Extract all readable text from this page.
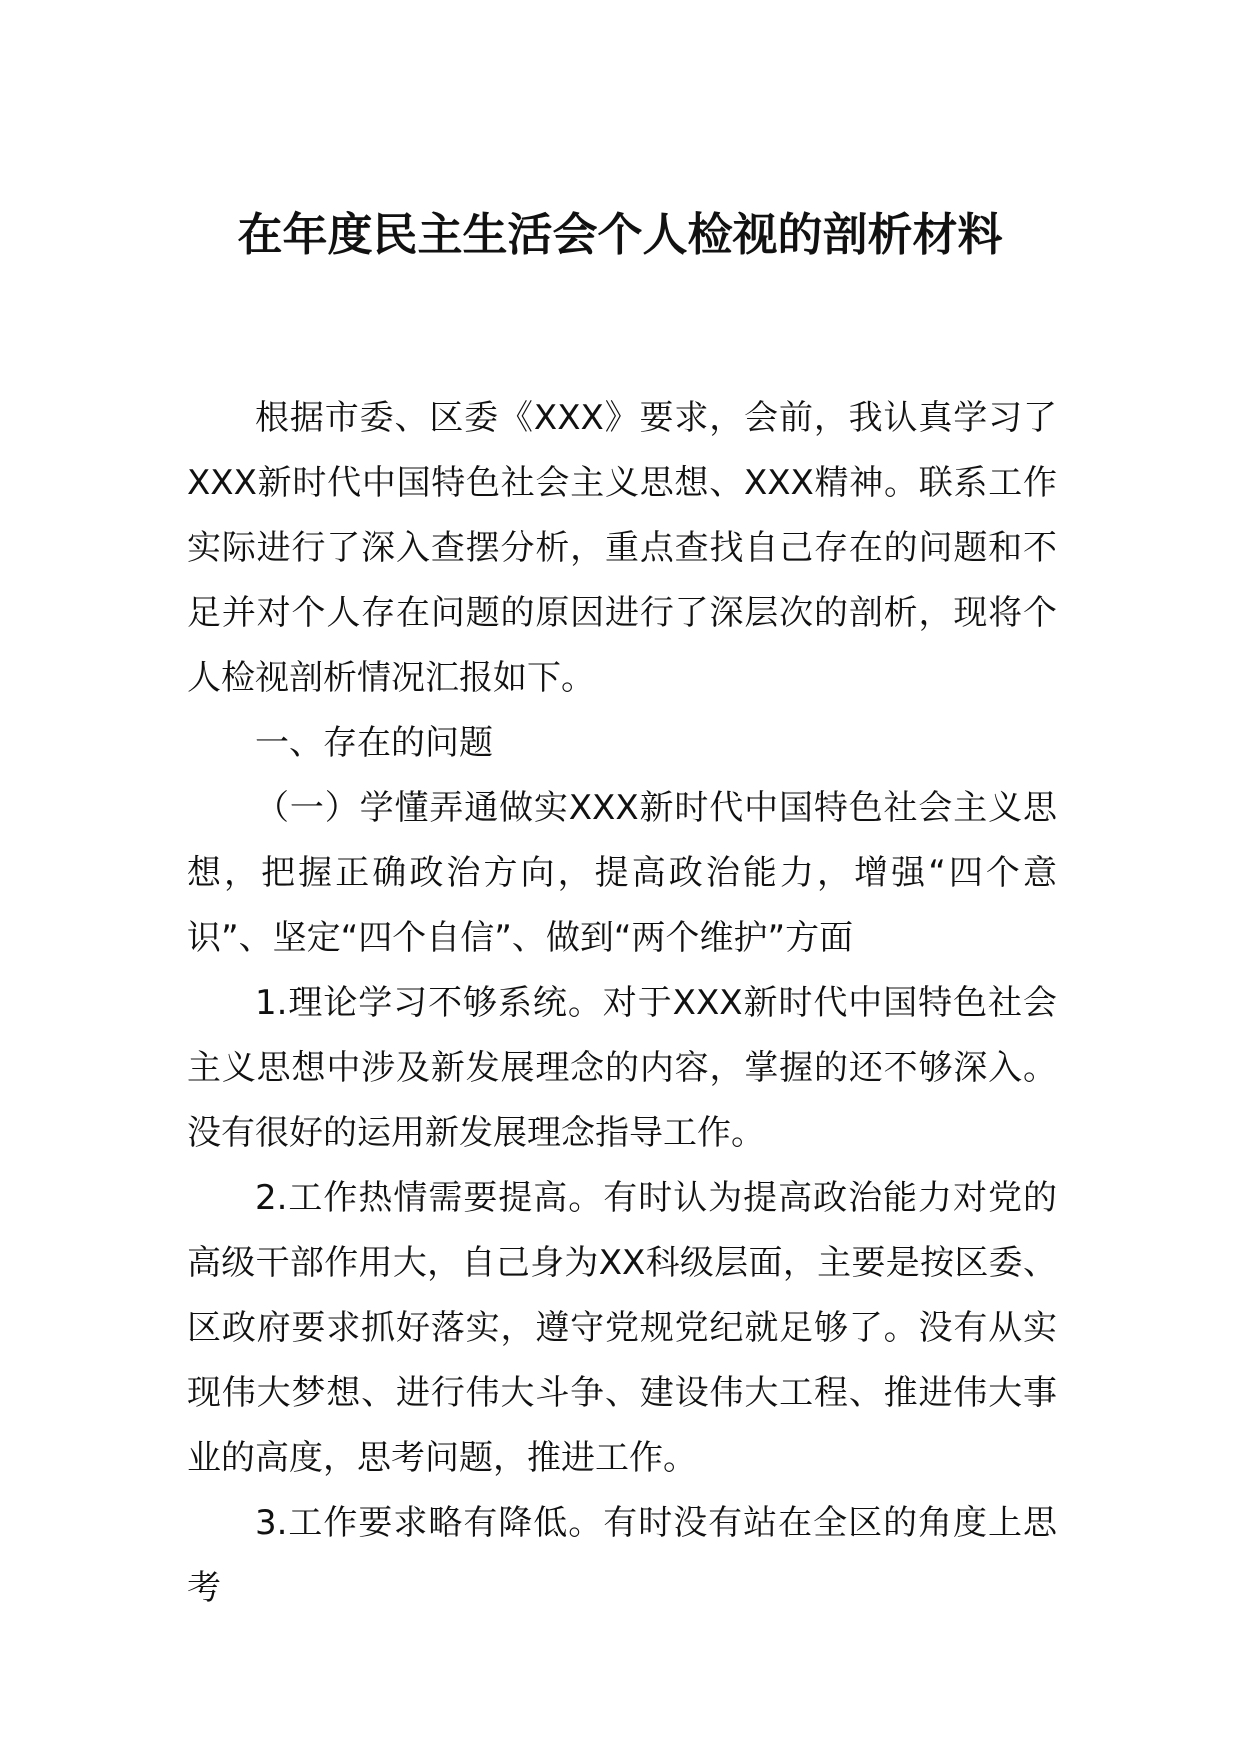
在年度民主生活会个人检视的剖析材料

根据市委、区委《XXX》要求，会前，我认真学习了XXX新时代中国特色社会主义思想、XXX精神。联系工作实际进行了深入查摆分析，重点查找自己存在的问题和不足并对个人存在问题的原因进行了深层次的剖析，现将个人检视剖析情况汇报如下。

一、存在的问题

（一）学懂弄通做实XXX新时代中国特色社会主义思想，把握正确政治方向，提高政治能力，增强“四个意识”、坚定“四个自信”、做到“两个维护”方面

1.理论学习不够系统。对于XXX新时代中国特色社会主义思想中涉及新发展理念的内容，掌握的还不够深入。没有很好的运用新发展理念指导工作。

2.工作热情需要提高。有时认为提高政治能力对党的高级干部作用大，自己身为XX科级层面，主要是按区委、区政府要求抓好落实，遵守党规党纪就足够了。没有从实现伟大梦想、进行伟大斗争、建设伟大工程、推进伟大事业的高度，思考问题，推进工作。

3.工作要求略有降低。有时没有站在全区的角度上思考
